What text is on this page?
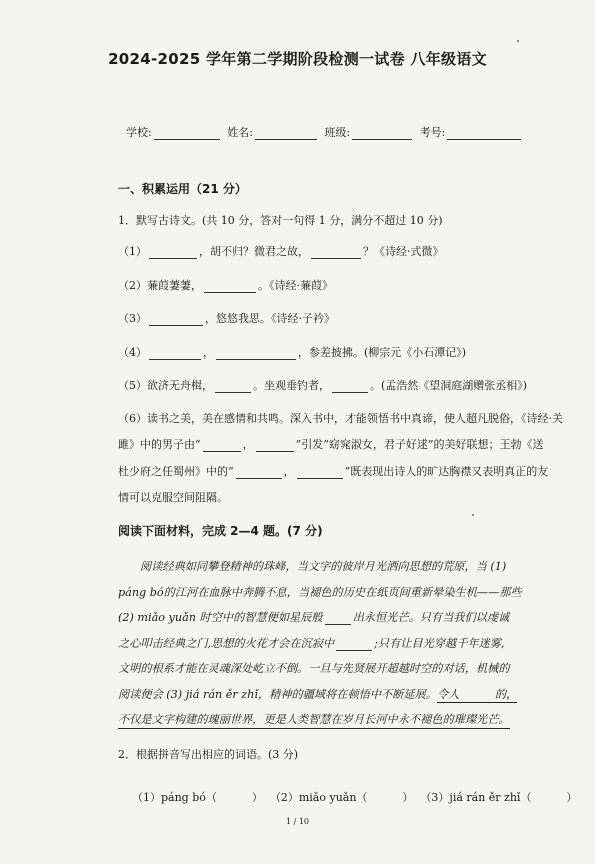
2024-2025 学年第二学期阶段检测一试卷 八年级语文
学校:	姓名:	班级:	考号:
一、积累运用（21 分）
1．默写古诗文。(共 10 分，答对一句得 1 分，满分不超过 10 分)
（1）	，胡不归？微君之故，	？《诗经·式微》
（2）蒹葭萋萋，	。《诗经·蒹葭》
（3）	，悠悠我思。《诗经·子衿》
（4）	，	，参差披拂。(柳宗元《小石潭记》)
（5）欲济无舟楫，	。坐观垂钓者，	。(孟浩然《望洞庭湖赠张丞相》)
（6）读书之美，美在感情和共鸣。深入书中，才能领悟书中真谛，使人超凡脱俗，《诗经·关
雎》中的男子由“	，	”引发“窈窕淑女，君子好逑”的美好联想；王勃《送
杜少府之任蜀州》中的“	，	”既表现出诗人的旷达胸襟又表明真正的友
情可以克服空间阻隔。
阅读下面材料，完成 2—4 题。(7 分)
阅读经典如同攀登精神的珠峰，当文字的彼岸月光洒向思想的荒原，当 (1)
páng bó的江河在血脉中奔腾不息，当褪色的历史在纸页间重新晕染生机——那些
(2) miǎo yuǎn 时空中的智慧便如星辰般	出永恒光芒。只有当我们以虔诚
之心叩击经典之门,思想的火花才会在沉寂中	;只有让目光穿越千年迷雾,
文明的根系才能在灵魂深处屹立不倒。一旦与先贤展开超越时空的对话，机械的
阅读便会 (3) jiá rán ěr zhǐ，精神的疆域将在顿悟中不断延展。令人          的，
不仅是文字构建的瑰丽世界，更是人类智慧在岁月长河中永不褪色的璀璨光芒。
2．根据拼音写出相应的词语。(3 分)

（1）páng bó（          ） （2）miǎo yuǎn（          ） （3）jiá rán ěr zhǐ（          ）

1 / 10
